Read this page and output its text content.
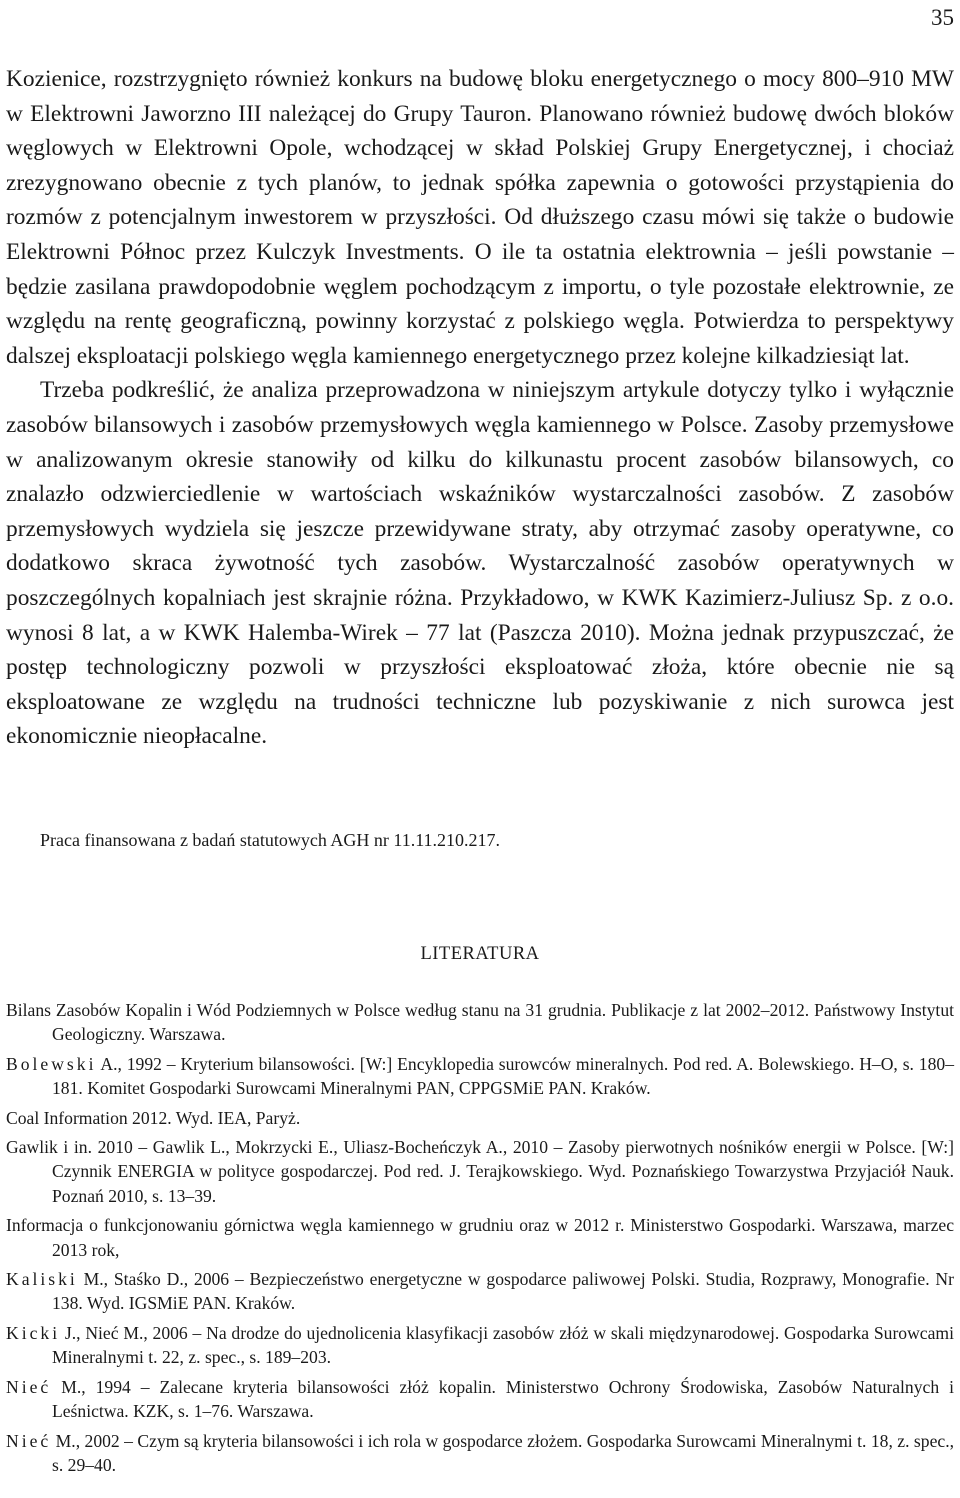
35

Kozienice, rozstrzygnięto również konkurs na budowę bloku energetycznego o mocy 800–910 MW w Elektrowni Jaworzno III należącej do Grupy Tauron. Planowano również budowę dwóch bloków węglowych w Elektrowni Opole, wchodzącej w skład Polskiej Grupy Energetycznej, i chociaż zrezygnowano obecnie z tych planów, to jednak spółka zapewnia o gotowości przystąpienia do rozmów z potencjalnym inwestorem w przyszłości. Od dłuższego czasu mówi się także o budowie Elektrowni Północ przez Kulczyk Investments. O ile ta ostatnia elektrownia – jeśli powstanie – będzie zasilana prawdopodobnie węglem pochodzącym z importu, o tyle pozostałe elektrownie, ze względu na rentę geograficzną, powinny korzystać z polskiego węgla. Potwierdza to perspektywy dalszej eksploatacji polskiego węgla kamiennego energetycznego przez kolejne kilkadziesiąt lat.

Trzeba podkreślić, że analiza przeprowadzona w niniejszym artykule dotyczy tylko i wyłącznie zasobów bilansowych i zasobów przemysłowych węgla kamiennego w Polsce. Zasoby przemysłowe w analizowanym okresie stanowiły od kilku do kilkunastu procent zasobów bilansowych, co znalazło odzwierciedlenie w wartościach wskaźników wystarczalności zasobów. Z zasobów przemysłowych wydziela się jeszcze przewidywane straty, aby otrzymać zasoby operatywne, co dodatkowo skraca żywotność tych zasobów. Wystarczalność zasobów operatywnych w poszczególnych kopalniach jest skrajnie różna. Przykładowo, w KWK Kazimierz-Juliusz Sp. z o.o. wynosi 8 lat, a w KWK Halemba-Wirek – 77 lat (Paszcza 2010). Można jednak przypuszczać, że postęp technologiczny pozwoli w przyszłości eksploatować złoża, które obecnie nie są eksploatowane ze względu na trudności techniczne lub pozyskiwanie z nich surowca jest ekonomicznie nieopłacalne.

Praca finansowana z badań statutowych AGH nr 11.11.210.217.
LITERATURA

Bilans Zasobów Kopalin i Wód Podziemnych w Polsce według stanu na 31 grudnia. Publikacje z lat 2002–2012. Państwowy Instytut Geologiczny. Warszawa.

Bolewski A., 1992 – Kryterium bilansowości. [W:] Encyklopedia surowców mineralnych. Pod red. A. Bolewskiego. H–O, s. 180–181. Komitet Gospodarki Surowcami Mineralnymi PAN, CPPGSMiE PAN. Kraków.

Coal Information 2012. Wyd. IEA, Paryż.

Gawlik i in. 2010 – Gawlik L., Mokrzycki E., Uliasz-Bocheńczyk A., 2010 – Zasoby pierwotnych nośników energii w Polsce. [W:] Czynnik ENERGIA w polityce gospodarczej. Pod red. J. Terajkowskiego. Wyd. Poznańskiego Towarzystwa Przyjaciół Nauk. Poznań 2010, s. 13–39.

Informacja o funkcjonowaniu górnictwa węgla kamiennego w grudniu oraz w 2012 r. Ministerstwo Gospodarki. Warszawa, marzec 2013 rok,

Kaliski M., Staśko D., 2006 – Bezpieczeństwo energetyczne w gospodarce paliwowej Polski. Studia, Rozprawy, Monografie. Nr 138. Wyd. IGSMiE PAN. Kraków.

Kicki J., Nieć M., 2006 – Na drodze do ujednolicenia klasyfikacji zasobów złóż w skali międzynarodowej. Gospodarka Surowcami Mineralnymi t. 22, z. spec., s. 189–203.

Nieć M., 1994 – Zalecane kryteria bilansowości złóż kopalin. Ministerstwo Ochrony Środowiska, Zasobów Naturalnych i Leśnictwa. KZK, s. 1–76. Warszawa.

Nieć M., 2002 – Czym są kryteria bilansowości i ich rola w gospodarce złożem. Gospodarka Surowcami Mineralnymi t. 18, z. spec., s. 29–40.
